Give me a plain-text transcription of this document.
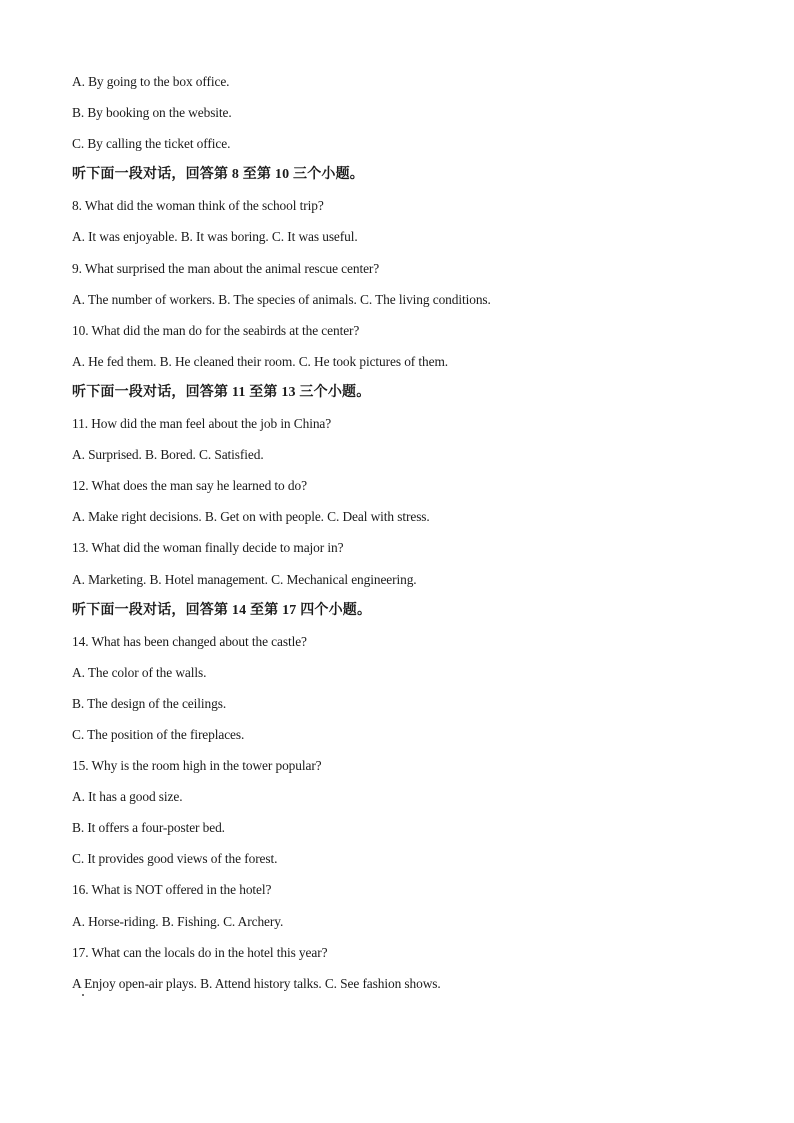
A. By going to the box office.
B. By booking on the website.
C. By calling the ticket office.
听下面一段对话，回答第 8 至第 10 三个小题。
8. What did the woman think of the school trip?
A. It was enjoyable. B. It was boring. C. It was useful.
9. What surprised the man about the animal rescue center?
A. The number of workers. B. The species of animals. C. The living conditions.
10. What did the man do for the seabirds at the center?
A. He fed them. B. He cleaned their room. C. He took pictures of them.
听下面一段对话，回答第 11 至第 13 三个小题。
11. How did the man feel about the job in China?
A. Surprised. B. Bored. C. Satisfied.
12. What does the man say he learned to do?
A. Make right decisions. B. Get on with people. C. Deal with stress.
13. What did the woman finally decide to major in?
A. Marketing. B. Hotel management. C. Mechanical engineering.
听下面一段对话，回答第 14 至第 17 四个小题。
14. What has been changed about the castle?
A. The color of the walls.
B. The design of the ceilings.
C. The position of the fireplaces.
15. Why is the room high in the tower popular?
A. It has a good size.
B. It offers a four-poster bed.
C. It provides good views of the forest.
16. What is NOT offered in the hotel?
A. Horse-riding. B. Fishing. C. Archery.
17. What can the locals do in the hotel this year?
A Enjoy open-air plays. B. Attend history talks. C. See fashion shows.
